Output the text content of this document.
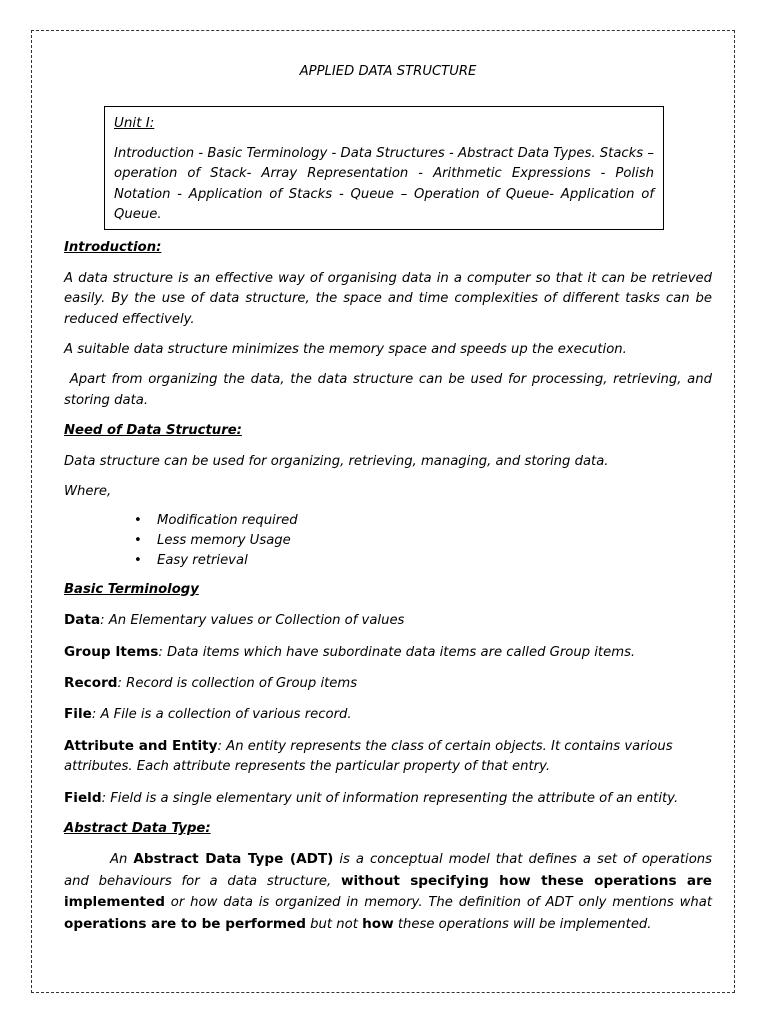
APPLIED DATA STRUCTURE

Unit I:

Introduction - Basic Terminology - Data Structures - Abstract Data Types. Stacks – operation of Stack- Array Representation - Arithmetic Expressions - Polish Notation - Application of Stacks - Queue – Operation of Queue- Application of Queue.

Introduction:

A data structure is an effective way of organising data in a computer so that it can be retrieved easily. By the use of data structure, the space and time complexities of different tasks can be reduced effectively.

A suitable data structure minimizes the memory space and speeds up the execution.

Apart from organizing the data, the data structure can be used for processing, retrieving, and storing data.

Need of Data Structure:

Data structure can be used for organizing, retrieving, managing, and storing data.

Where,

• Modification required
• Less memory Usage
• Easy retrieval

Basic Terminology

Data: An Elementary values or Collection of values

Group Items: Data items which have subordinate data items are called Group items.

Record: Record is collection of Group items

File: A File is a collection of various record.

Attribute and Entity: An entity represents the class of certain objects. It contains various attributes. Each attribute represents the particular property of that entry.

Field: Field is a single elementary unit of information representing the attribute of an entity.

Abstract Data Type:

An Abstract Data Type (ADT) is a conceptual model that defines a set of operations and behaviours for a data structure, without specifying how these operations are implemented or how data is organized in memory. The definition of ADT only mentions what operations are to be performed but not how these operations will be implemented.
